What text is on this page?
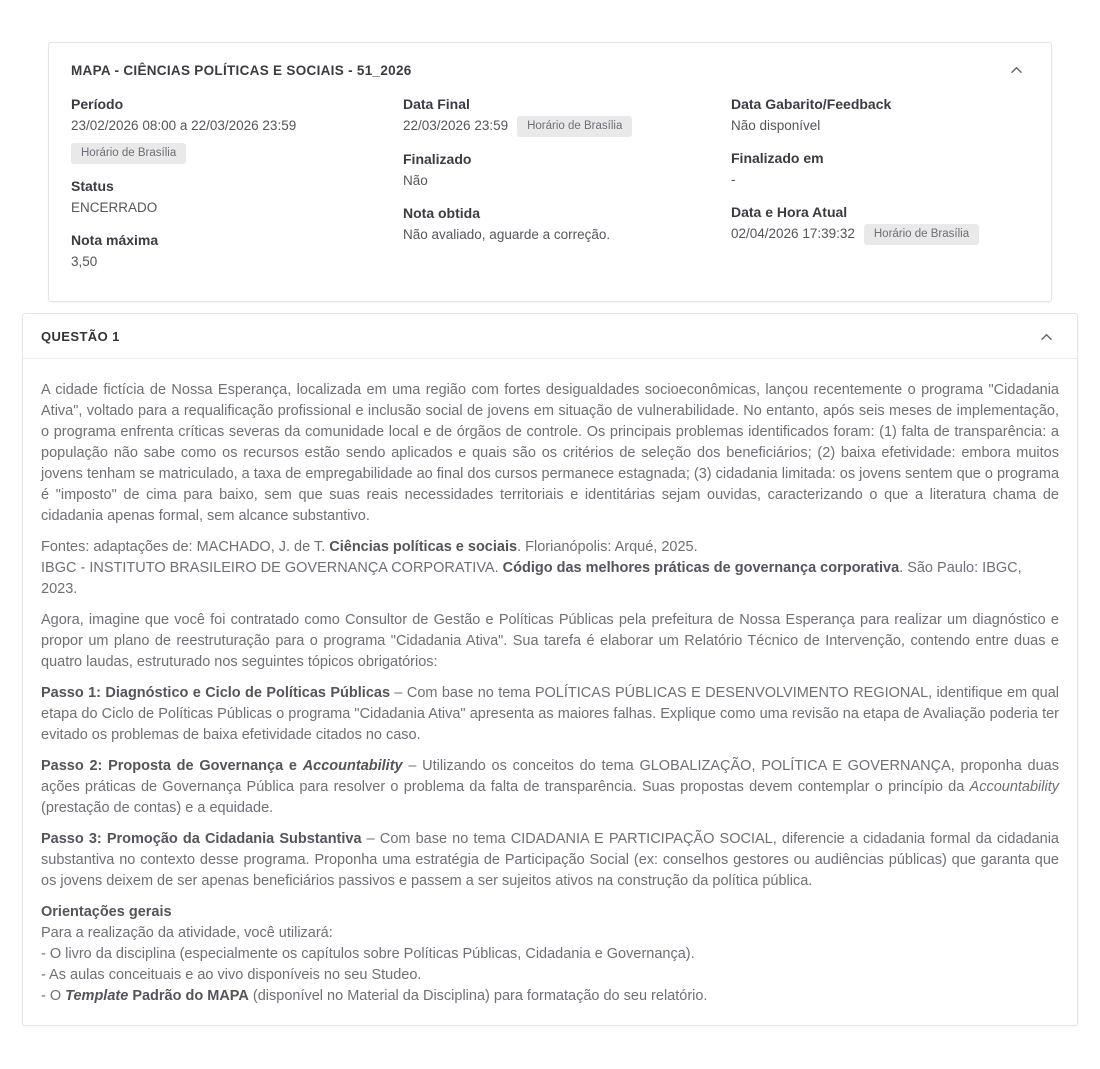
MAPA - CIÊNCIAS POLÍTICAS E SOCIAIS - 51_2026
Período
23/02/2026 08:00 a 22/03/2026 23:59
Horário de Brasília
Status
ENCERRADO
Nota máxima
3,50
Data Final
22/03/2026 23:59	Horário de Brasília
Finalizado
Não
Nota obtida
Não avaliado, aguarde a correção.
Data Gabarito/Feedback
Não disponível
Finalizado em
-
Data e Hora Atual
02/04/2026 17:39:32	Horário de Brasília
QUESTÃO 1

A cidade fictícia de Nossa Esperança, localizada em uma região com fortes desigualdades socioeconômicas, lançou recentemente o programa "Cidadania Ativa", voltado para a requalificação profissional e inclusão social de jovens em situação de vulnerabilidade. No entanto, após seis meses de implementação, o programa enfrenta críticas severas da comunidade local e de órgãos de controle. Os principais problemas identificados foram: (1) falta de transparência: a população não sabe como os recursos estão sendo aplicados e quais são os critérios de seleção dos beneficiários; (2) baixa efetividade: embora muitos jovens tenham se matriculado, a taxa de empregabilidade ao final dos cursos permanece estagnada; (3) cidadania limitada: os jovens sentem que o programa é "imposto" de cima para baixo, sem que suas reais necessidades territoriais e identitárias sejam ouvidas, caracterizando o que a literatura chama de cidadania apenas formal, sem alcance substantivo.

Fontes: adaptações de: MACHADO, J. de T. Ciências políticas e sociais. Florianópolis: Arqué, 2025.
IBGC - INSTITUTO BRASILEIRO DE GOVERNANÇA CORPORATIVA. Código das melhores práticas de governança corporativa. São Paulo: IBGC, 2023.

Agora, imagine que você foi contratado como Consultor de Gestão e Políticas Públicas pela prefeitura de Nossa Esperança para realizar um diagnóstico e propor um plano de reestruturação para o programa "Cidadania Ativa". Sua tarefa é elaborar um Relatório Técnico de Intervenção, contendo entre duas e quatro laudas, estruturado nos seguintes tópicos obrigatórios:

Passo 1: Diagnóstico e Ciclo de Políticas Públicas – Com base no tema POLÍTICAS PÚBLICAS E DESENVOLVIMENTO REGIONAL, identifique em qual etapa do Ciclo de Políticas Públicas o programa "Cidadania Ativa" apresenta as maiores falhas. Explique como uma revisão na etapa de Avaliação poderia ter evitado os problemas de baixa efetividade citados no caso.

Passo 2: Proposta de Governança e Accountability – Utilizando os conceitos do tema GLOBALIZAÇÃO, POLÍTICA E GOVERNANÇA, proponha duas ações práticas de Governança Pública para resolver o problema da falta de transparência. Suas propostas devem contemplar o princípio da Accountability (prestação de contas) e a equidade.

Passo 3: Promoção da Cidadania Substantiva – Com base no tema CIDADANIA E PARTICIPAÇÃO SOCIAL, diferencie a cidadania formal da cidadania substantiva no contexto desse programa. Proponha uma estratégia de Participação Social (ex: conselhos gestores ou audiências públicas) que garanta que os jovens deixem de ser apenas beneficiários passivos e passem a ser sujeitos ativos na construção da política pública.

Orientações gerais

Para a realização da atividade, você utilizará:
- O livro da disciplina (especialmente os capítulos sobre Políticas Públicas, Cidadania e Governança).
- As aulas conceituais e ao vivo disponíveis no seu Studeo.
- O Template Padrão do MAPA (disponível no Material da Disciplina) para formatação do seu relatório.
